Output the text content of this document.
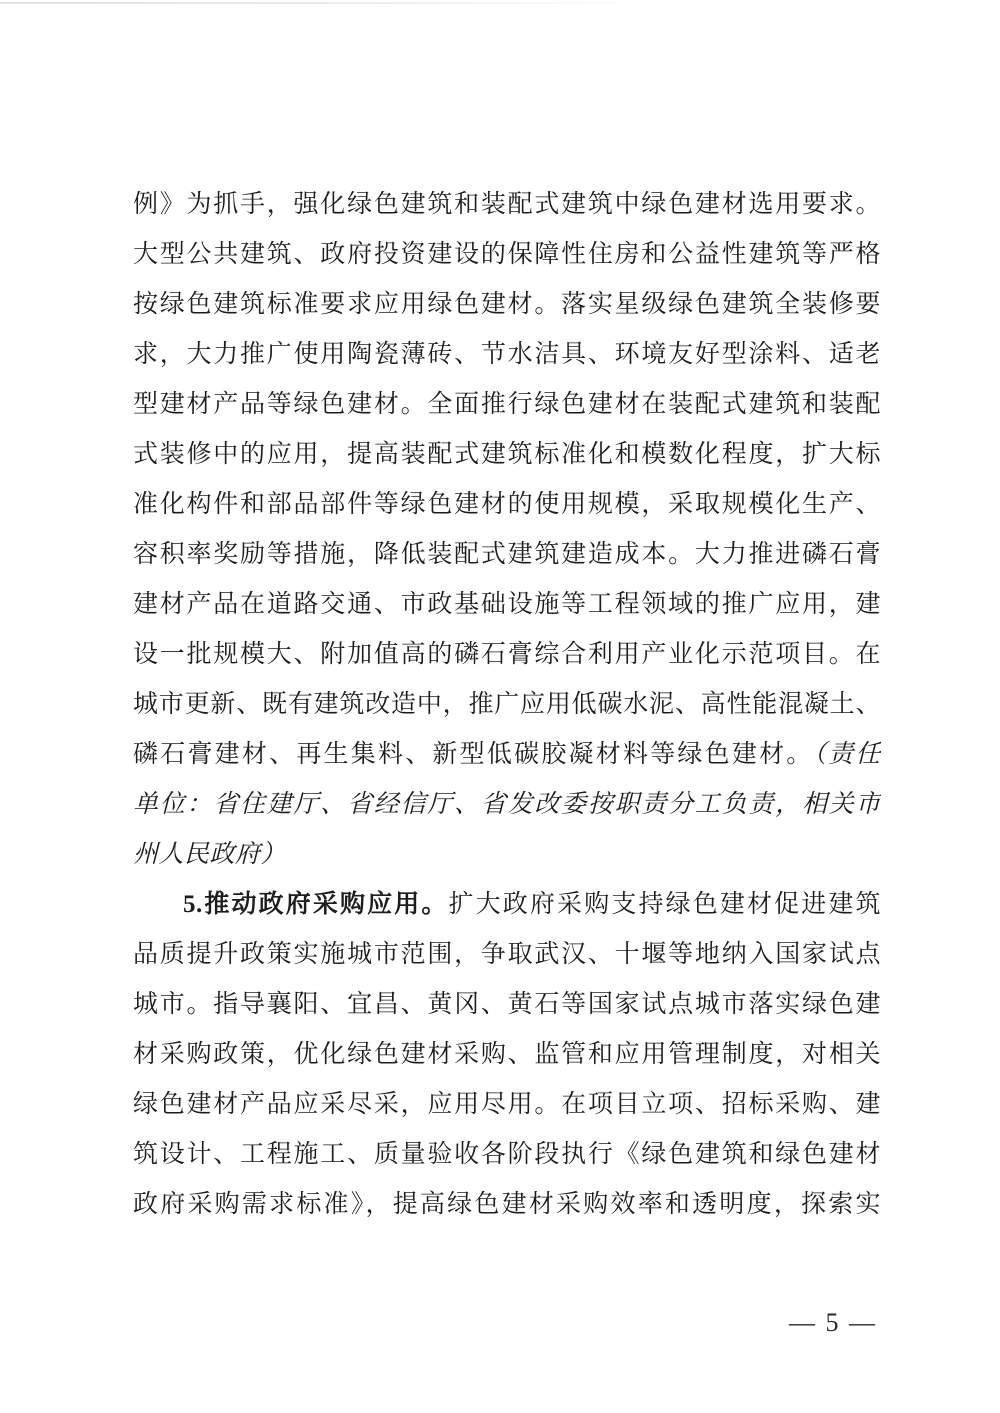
例》为抓手，强化绿色建筑和装配式建筑中绿色建材选用要求。
大型公共建筑、政府投资建设的保障性住房和公益性建筑等严格
按绿色建筑标准要求应用绿色建材。落实星级绿色建筑全装修要
求，大力推广使用陶瓷薄砖、节水洁具、环境友好型涂料、适老
型建材产品等绿色建材。全面推行绿色建材在装配式建筑和装配
式装修中的应用，提高装配式建筑标准化和模数化程度，扩大标
准化构件和部品部件等绿色建材的使用规模，采取规模化生产、
容积率奖励等措施，降低装配式建筑建造成本。大力推进磷石膏
建材产品在道路交通、市政基础设施等工程领域的推广应用，建
设一批规模大、附加值高的磷石膏综合利用产业化示范项目。在
城市更新、既有建筑改造中，推广应用低碳水泥、高性能混凝土、
磷石膏建材、再生集料、新型低碳胶凝材料等绿色建材。（责任
单位：省住建厅、省经信厅、省发改委按职责分工负责，相关市
州人民政府）
5.推动政府采购应用。扩大政府采购支持绿色建材促进建筑
品质提升政策实施城市范围，争取武汉、十堰等地纳入国家试点
城市。指导襄阳、宜昌、黄冈、黄石等国家试点城市落实绿色建
材采购政策，优化绿色建材采购、监管和应用管理制度，对相关
绿色建材产品应采尽采，应用尽用。在项目立项、招标采购、建
筑设计、工程施工、质量验收各阶段执行《绿色建筑和绿色建材
政府采购需求标准》，提高绿色建材采购效率和透明度，探索实
— 5 —
